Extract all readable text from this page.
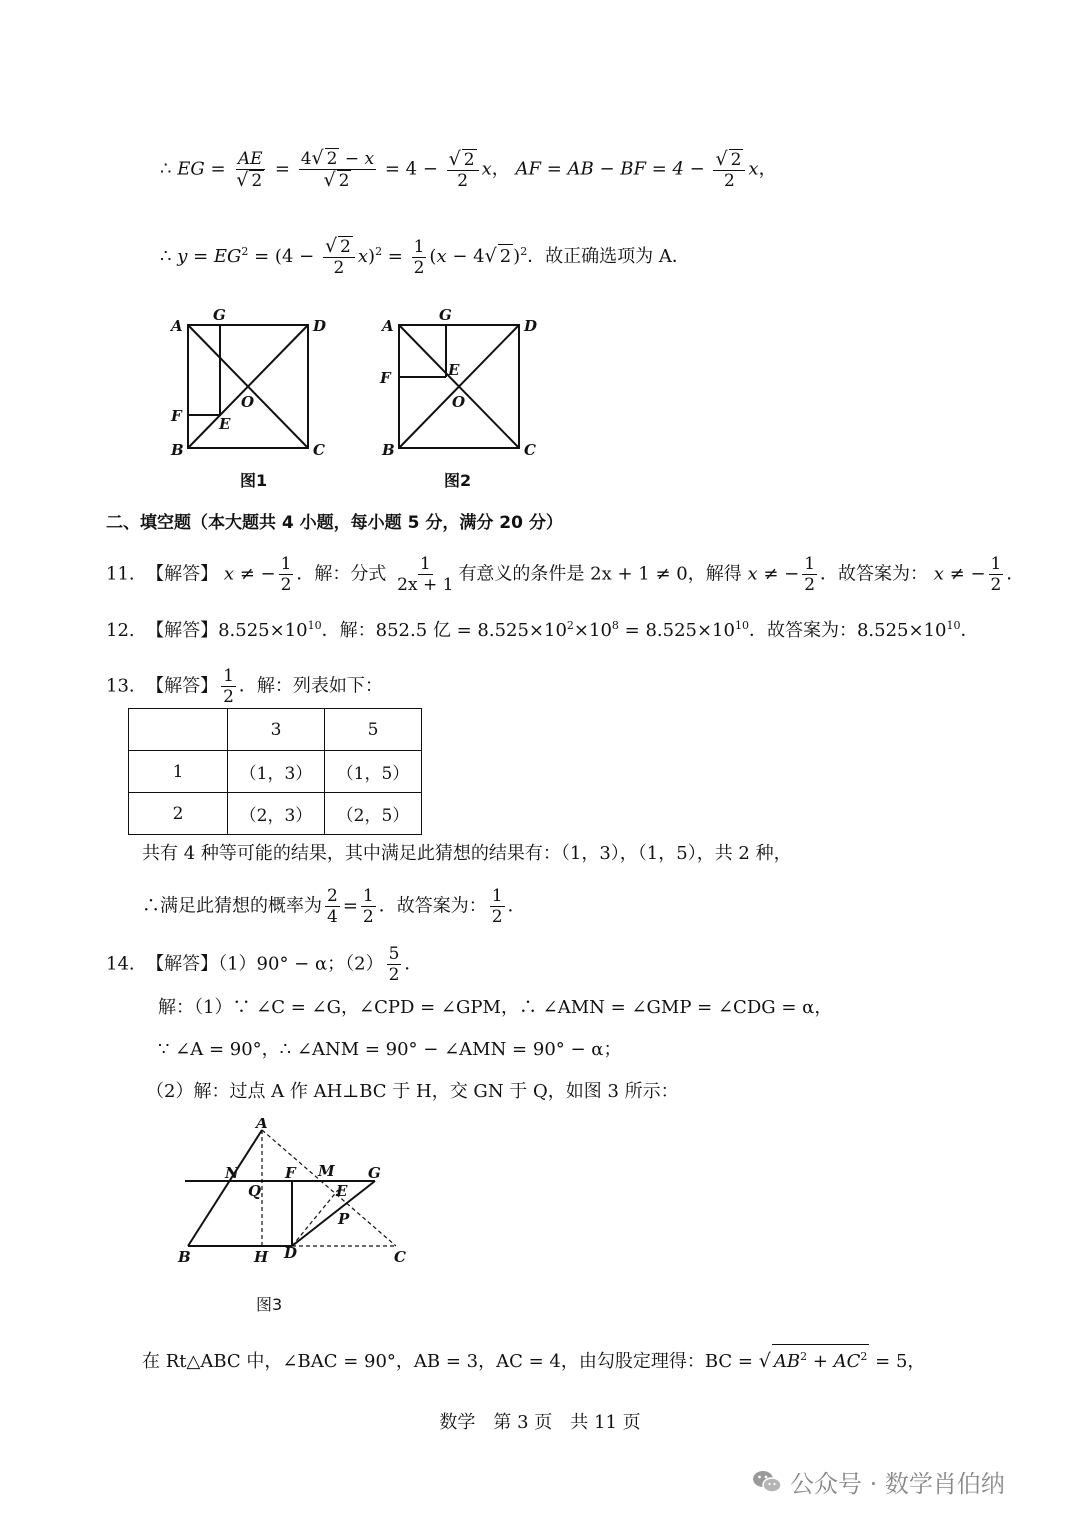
∴ EG = $\frac{AE}{√ 2} = \frac{4√ 2 - x}{√ 2} = 4 - \frac{√ 2}{2}$ x， AF = AB − BF = $4 - \frac{√ 2}{2}$ x，
∴ $y = EG^2 = (4 - \frac{√ 2}{2} x)^2 = \frac{1}{2} (x - 4√$ 2 )$^2$．故正确选项为 A．
A
G
D
F E
O
B	C
图1
A
G
D
F	E
O
B	C
图2
二、填空题（本大题共 4 小题，每小题 5 分，满分 20 分）
11. 【解答】 x ≠ − $\frac{1}{2}$ ．解：分式 $\frac{1}{2x + 1}$ 有意义的条件是 2x + 1 ≠ 0，解得 x ≠ − $\frac{1}{2}$ ．故答案为： x ≠ − $\frac{1}{2}$ ．
12. 【解答】$8.525\times 10^{10}$．解：852.5 亿 = $8.525\times 10^2\times 10^8 = 8.525\times 10^{10}$．故答案为：$8.525\times 10^{10}$．
13. 【解答】 $\frac{1}{2}$ ．解：列表如下：
	3	5
1	（1，3）	（1，5）
2	（2，3）	（2，5）
共有 4 种等可能的结果，其中满足此猜想的结果有：（1，3），（1，5），共 2 种，
∴满足此猜想的概率为 $\frac{2}{4} = \frac{1}{2}$ ．故答案为： $\frac{1}{2}$ ．
14. 【解答】（1）90° − α；$(2) \frac{5}{2}$ ．
解：（1）∵ ∠C = ∠G，∠CPD = ∠GPM，∴ ∠AMN = ∠GMP = ∠CDG = α，
∵ ∠A = 90°，∴ ∠ANM = 90° − ∠AMN = 90° − α；
（2）解：过点 A 作 AH⊥BC 于 H，交 GN 于 Q，如图 3 所示：
A
N	F M G
Q	E
P
B	H D	C
图3
在 Rt△ABC 中，∠BAC = 90°，AB = 3，AC = 4，由勾股定理得：BC = √ $AB^2 + AC^2 = 5$，
数学　第 3 页　共 11 页
公众号 · 数学肖伯纳
